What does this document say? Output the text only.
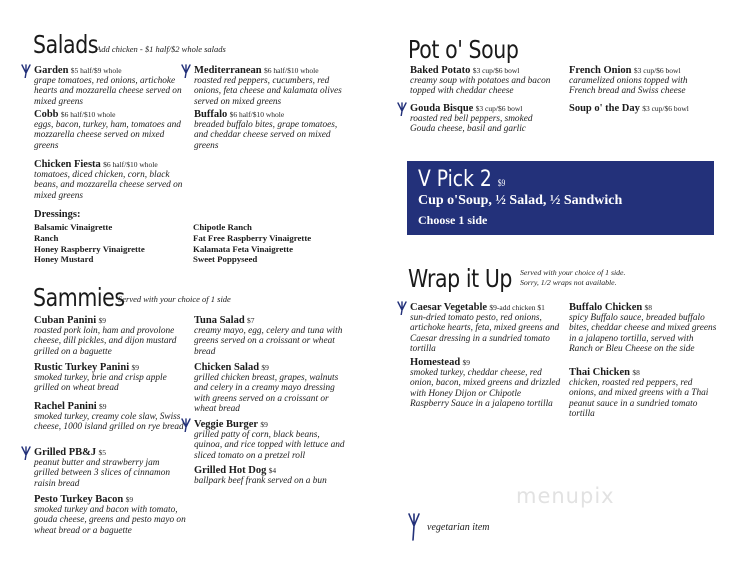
Salads
Add chicken - $1 half/$2 whole salads
Garden $5 half/$9 whole
grape tomatoes, red onions, artichoke hearts and mozzarella cheese served on mixed greens
Mediterranean $6 half/$10 whole
roasted red peppers, cucumbers, red onions, feta cheese and kalamata olives served on mixed greens
Cobb $6 half/$10 whole
eggs, bacon, turkey, ham, tomatoes and mozzarella cheese served on mixed greens
Buffalo $6 half/$10 whole
breaded buffalo bites, grape tomatoes, and cheddar cheese served on mixed greens
Chicken Fiesta $6 half/$10 whole
tomatoes, diced chicken, corn, black beans, and mozzarella cheese served on mixed greens
Dressings:
Balsamic Vinaigrette
Ranch
Honey Raspberry Vinaigrette
Honey Mustard
Chipotle Ranch
Fat Free Raspberry Vinaigrette
Kalamata Feta Vinaigrette
Sweet Poppyseed
Sammies
Served with your choice of 1 side
Cuban Panini $9
roasted pork loin, ham and provolone cheese, dill pickles, and dijon mustard grilled on a baguette
Tuna Salad $7
creamy mayo, egg, celery and tuna with greens served on a croissant or wheat bread
Rustic Turkey Panini $9
smoked turkey, brie and crisp apple grilled on wheat bread
Chicken Salad $9
grilled chicken breast, grapes, walnuts and celery in a creamy mayo dressing with greens served on a croissant or wheat bread
Rachel Panini $9
smoked turkey, creamy cole slaw, Swiss cheese, 1000 island grilled on rye bread Veggie Burger $9
grilled patty of corn, black beans, quinoa, and rice topped with lettuce and sliced tomato on a pretzel roll
Grilled PB&J $5
peanut butter and strawberry jam grilled between 3 slices of cinnamon raisin bread
Grilled Hot Dog $4
ballpark beef frank served on a bun
Pesto Turkey Bacon $9
smoked turkey and bacon with tomato, gouda cheese, greens and pesto mayo on wheat bread or a baguette
Pot o' Soup
Baked Potato $3 cup/$6 bowl
creamy soup with potatoes and bacon topped with cheddar cheese
French Onion $3 cup/$6 bowl
caramelized onions topped with French bread and Swiss cheese
Gouda Bisque $3 cup/$6 bowl
roasted red bell peppers, smoked Gouda cheese, basil and garlic
Soup o' the Day $3 cup/$6 bowl
V Pick 2 $9
Cup o'Soup, ½ Salad, ½ Sandwich
Choose 1 side
Wrap it Up Served with your choice of 1 side.
Sorry, 1/2 wraps not available.
Caesar Vegetable $9-add chicken $1
sun-dried tomato pesto, red onions, artichoke hearts, feta, mixed greens and Caesar dressing in a sundried tomato tortilla
Buffalo Chicken $8
spicy Buffalo sauce, breaded buffalo bites, cheddar cheese and mixed greens in a jalapeno tortilla, served with Ranch or Bleu Cheese on the side
Homestead $9
smoked turkey, cheddar cheese, red onion, bacon, mixed greens and drizzled with Honey Dijon or Chipotle Raspberry Sauce in a jalapeno tortilla
Thai Chicken $8
chicken, roasted red peppers, red onions, and mixed greens with a Thai peanut sauce in a sundried tomato tortilla
menupix
vegetarian item
